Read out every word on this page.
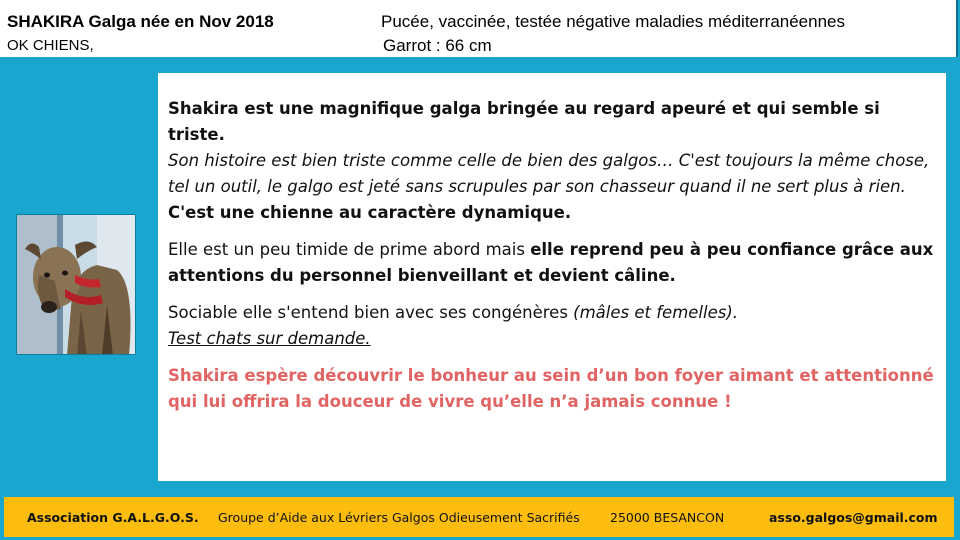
SHAKIRA Galga née en Nov 2018
OK CHIENS,
Pucée, vaccinée, testée négative maladies méditerranéennes
Garrot : 66 cm
Shakira est une magnifique galga bringée au regard apeuré et qui semble si triste.
Son histoire est bien triste comme celle de bien des galgos… C'est toujours la même chose, tel un outil, le galgo est jeté sans scrupules par son chasseur quand il ne sert plus à rien.
C'est une chienne au caractère dynamique.
Elle est un peu timide de prime abord mais elle reprend peu à peu confiance grâce aux attentions du personnel bienveillant et devient câline.
Sociable elle s'entend bien avec ses congénères (mâles et femelles).
Test chats sur demande.
Shakira espère découvrir le bonheur au sein d’un bon foyer aimant et attentionné qui lui offrira la douceur de vivre qu’elle n’a jamais connue !
Association G.A.L.G.O.S. Groupe d’Aide aux Lévriers Galgos Odieusement Sacrifiés 25000 BESANCON	asso.galgos@gmail.com
